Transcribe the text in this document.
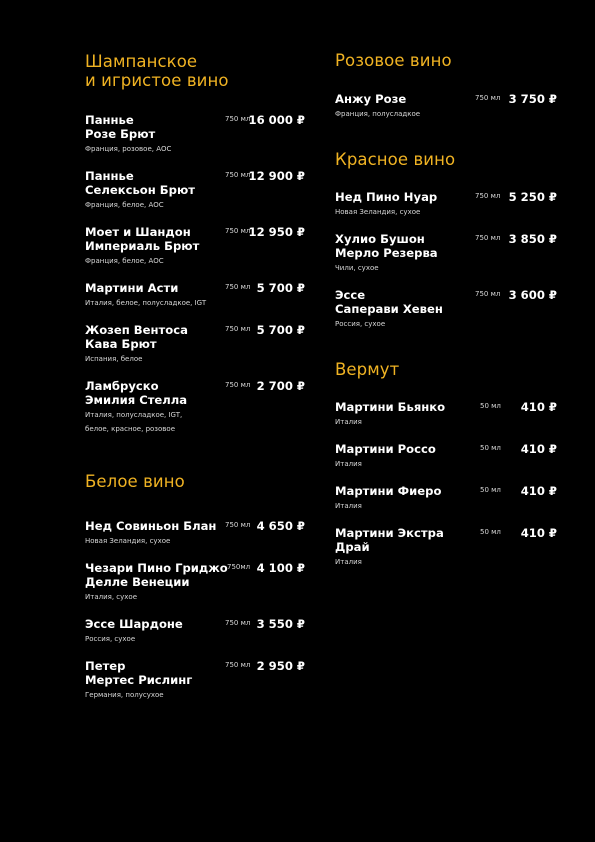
Шампанское
и игристое вино
Панньe
Розе Брют
Франция, розовое, АОС
750 мл
16 000 ₽
Панньe
Селексьон Брют
Франция, белое, АОС
750 мл
12 900 ₽
Моет и Шандон
Империаль Брют
Франция, белое, АОС
750 мл
12 950 ₽
Мартини Асти
Италия, белое, полусладкое, IGT
750 мл 5 700 ₽
Жозеп Вентоса
Кава Брют
Испания, белое
750 мл 5 700 ₽
Ламбруско
Эмилия Стелла
Италия, полусладкое, IGT,
белое, красное, розовое
750 мл 2 700 ₽
Белое вино
Нед Совиньон Блан
Новая Зеландия, сухое
750 мл 4 650 ₽
Чезари Пино Гриджо
Делле Венеции
Италия, сухое
750мл 4 100 ₽
Эссе Шардоне
Россия, сухое
750 мл 3 550 ₽
Петер
Мертес Рислинг
Германия, полусухое
750 мл 2 950 ₽
Розовое вино
Анжу Розе
Франция, полусладкое
750 мл 3 750 ₽
Красное вино
Нед Пино Нуар
Новая Зеландия, сухое
750 мл 5 250 ₽
Хулио Бушон
Мерло Резерва
Чили, сухое
750 мл 3 850 ₽
Эссе
Саперави Хевен
Россия, сухое
750 мл 3 600 ₽
Вермут
Мартини Бьянко
Италия
50 мл 410 ₽
Мартини Россо
Италия
50 мл 410 ₽
Мартини Фиеро
Италия
50 мл 410 ₽
Мартини Экстра
Драй
Италия
50 мл 410 ₽
